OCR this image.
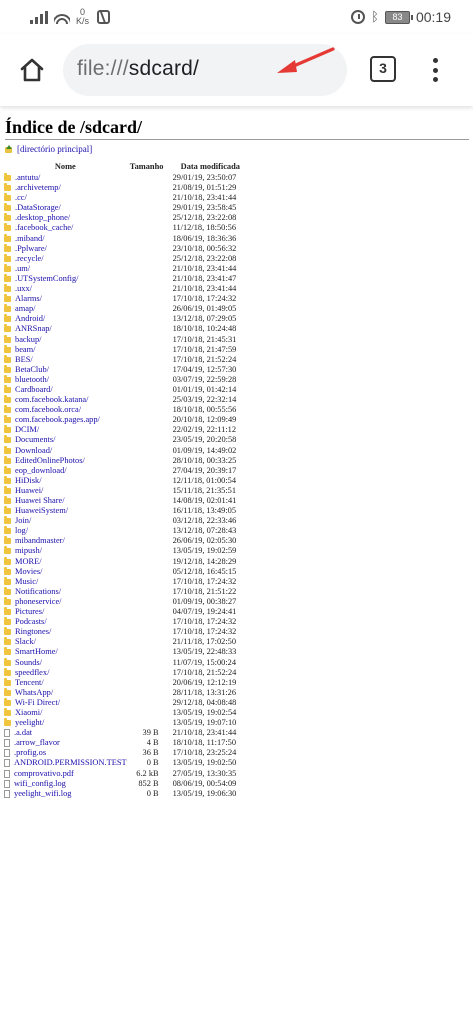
0
K/s	ᛒ	83 00:19
file:///sdcard/	3
Índice de /sdcard/
[directório principal]
Nome	Tamanho	Data modificada
.antutu/		29/01/19, 23:50:07
.archivetemp/		21/08/19, 01:51:29
.cc/		21/10/18, 23:41:44
.DataStorage/		29/01/19, 23:58:45
.desktop_phone/		25/12/18, 23:22:08
.facebook_cache/		11/12/18, 18:50:56
.miband/		18/06/19, 18:36:36
.Pplware/		23/10/18, 00:56:32
.recycle/		25/12/18, 23:22:08
.um/		21/10/18, 23:41:44
.UTSystemConfig/		21/10/18, 23:41:47
.uxx/		21/10/18, 23:41:44
Alarms/		17/10/18, 17:24:32
amap/		26/06/19, 01:49:05
Android/		13/12/18, 07:29:05
ANRSnap/		18/10/18, 10:24:48
backup/		17/10/18, 21:45:31
beam/		17/10/18, 21:47:59
BES/		17/10/18, 21:52:24
BetaClub/		17/04/19, 12:57:30
bluetooth/		03/07/19, 22:59:28
Cardboard/		01/01/19, 01:42:14
com.facebook.katana/		25/03/19, 22:32:14
com.facebook.orca/		18/10/18, 00:55:56
com.facebook.pages.app/		20/10/18, 12:09:49
DCIM/		22/02/19, 22:11:12
Documents/		23/05/19, 20:20:58
Download/		01/09/19, 14:49:02
EditedOnlinePhotos/		28/10/18, 00:33:25
eop_download/		27/04/19, 20:39:17
HiDisk/		12/11/18, 01:00:54
Huawei/		15/11/18, 21:35:51
Huawei Share/		14/08/19, 02:01:41
HuaweiSystem/		16/11/18, 13:49:05
Join/		03/12/18, 22:33:46
log/		13/12/18, 07:28:43
mibandmaster/		26/06/19, 02:05:30
mipush/		13/05/19, 19:02:59
MORE/		19/12/18, 14:28:29
Movies/		05/12/18, 16:45:15
Music/		17/10/18, 17:24:32
Notifications/		17/10/18, 21:51:22
phoneservice/		01/09/19, 00:38:27
Pictures/		04/07/19, 19:24:41
Podcasts/		17/10/18, 17:24:32
Ringtones/		17/10/18, 17:24:32
Slack/		21/11/18, 17:02:50
SmartHome/		13/05/19, 22:48:33
Sounds/		11/07/19, 15:00:24
speedflex/		17/10/18, 21:52:24
Tencent/		20/06/19, 12:12:19
WhatsApp/		28/11/18, 13:31:26
Wi-Fi Direct/		29/12/18, 04:08:48
Xiaomi/		13/05/19, 19:02:54
yeelight/		13/05/19, 19:07:10
.a.dat	39 B	21/10/18, 23:41:44
.arrow_flavor	4 B	18/10/18, 11:17:50
.profig.os	36 B	17/10/18, 23:25:24
ANDROID.PERMISSION.TEST	0 B	13/05/19, 19:02:50
comprovativo.pdf	6.2 kB	27/05/19, 13:30:35
wifi_config.log	852 B	08/06/19, 00:54:09
yeelight_wifi.log	0 B	13/05/19, 19:06:30
